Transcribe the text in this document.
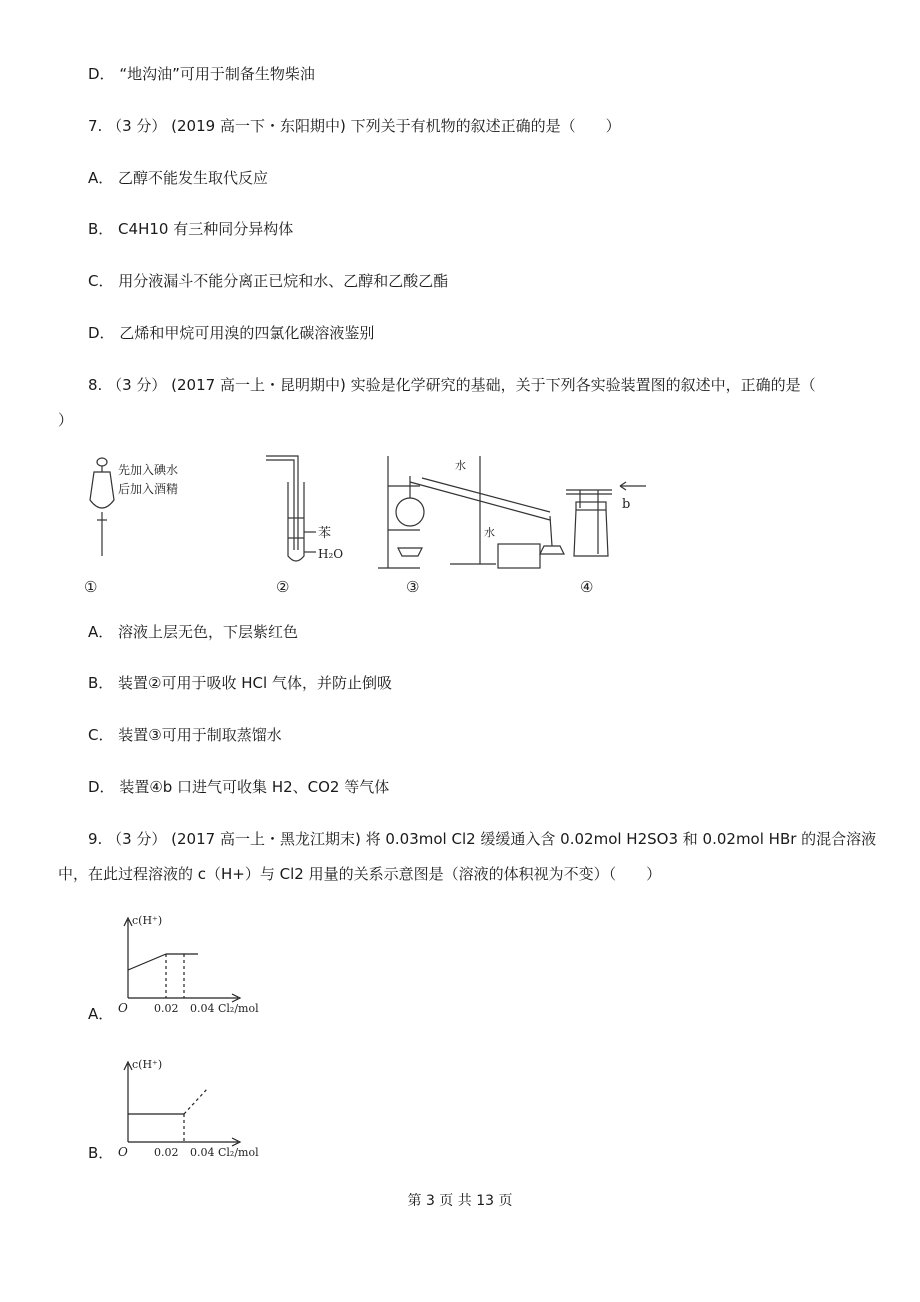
D． “地沟油”可用于制备生物柴油
7. （3 分） (2019 高一下・东阳期中) 下列关于有机物的叙述正确的是（　　）
A． 乙醇不能发生取代反应
B． C4H10 有三种同分异构体
C． 用分液漏斗不能分离正已烷和水、乙醇和乙酸乙酯
D． 乙烯和甲烷可用溴的四氯化碳溶液鉴别
8. （3 分） (2017 高一上・昆明期中) 实验是化学研究的基础，关于下列各实验装置图的叙述中，正确的是（
）
先加入碘水
后加入酒精
苯
H₂O
水
水
b
①	②	③	④
A． 溶液上层无色，下层紫红色
B． 装置②可用于吸收 HCl 气体，并防止倒吸
C． 装置③可用于制取蒸馏水
D． 装置④b 口进气可收集 H2、CO2 等气体
9. （3 分） (2017 高一上・黑龙江期末) 将 0.03mol Cl2 缓缓通入含 0.02mol H2SO3 和 0.02mol HBr 的混合溶液
中，在此过程溶液的 c（H+）与 Cl2 用量的关系示意图是（溶液的体积视为不变）（　　）
c(H⁺)
O 0.02 0.04 Cl₂/mol
A．
c(H⁺)
O 0.02 0.04 Cl₂/mol
B．
第 3 页 共 13 页
